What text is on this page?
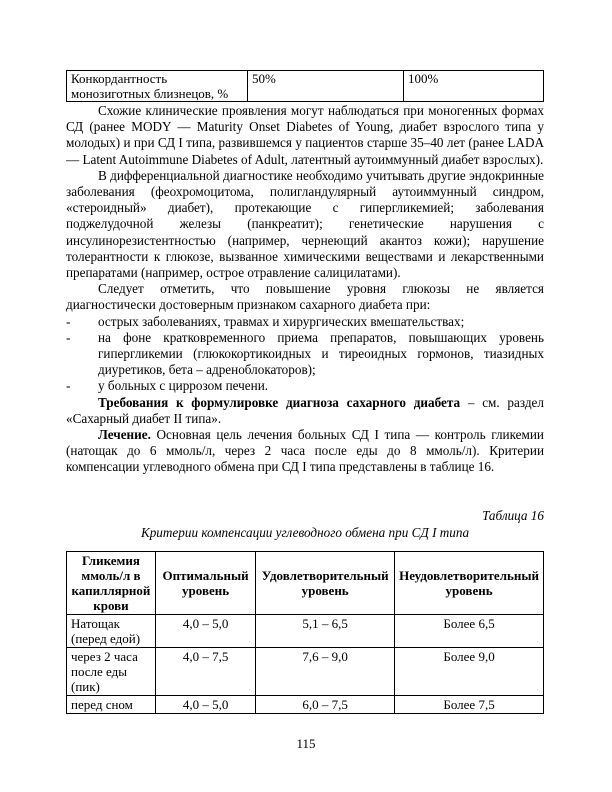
Конкордантность монозиготных близнецов, %	50%	100%

Схожие клинические проявления могут наблюдаться при моногенных формах СД (ранее MODY — Maturity Onset Diabetes of Young, диабет взрослого типа у молодых) и при СД I типа, развившемся у пациентов старше 35–40 лет (ранее LADA — Latent Autoimmune Diabetes of Adult, латентный аутоиммунный диабет взрослых).

В дифференциальной диагностике необходимо учитывать другие эндокринные заболевания (феохромоцитома, полигландулярный аутоиммунный синдром, «стероидный» диабет), протекающие с гипергликемией; заболевания поджелудочной железы (панкреатит); генетические нарушения с инсулинорезистентностью (например, чернеющий акантоз кожи); нарушение толерантности к глюкозе, вызванное химическими веществами и лекарственными препаратами (например, острое отравление салицилатами).

Следует отметить, что повышение уровня глюкозы не является диагностически достоверным признаком сахарного диабета при:

- острых заболеваниях, травмах и хирургических вмешательствах;
- на фоне кратковременного приема препаратов, повышающих уровень гипергликемии (глюкокортикоидных и тиреоидных гормонов, тиазидных диуретиков, бета – адреноблокаторов);
- у больных с циррозом печени.

Требования к формулировке диагноза сахарного диабета – см. раздел «Сахарный диабет II типа».

Лечение. Основная цель лечения больных СД I типа — контроль гликемии (натощак до 6 ммоль/л, через 2 часа после еды до 8 ммоль/л). Критерии компенсации углеводного обмена при СД I типа представлены в таблице 16.

Таблица 16
Критерии компенсации углеводного обмена при СД I типа
Гликемия ммоль/л в капиллярной крови	Оптимальный уровень	Удовлетворительный уровень	Неудовлетворительный уровень
Натощак (перед едой)	4,0 – 5,0	5,1 – 6,5	Более 6,5
через 2 часа после еды (пик)	4,0 – 7,5	7,6 – 9,0	Более 9,0
перед сном	4,0 – 5,0	6,0 – 7,5	Более 7,5
115
